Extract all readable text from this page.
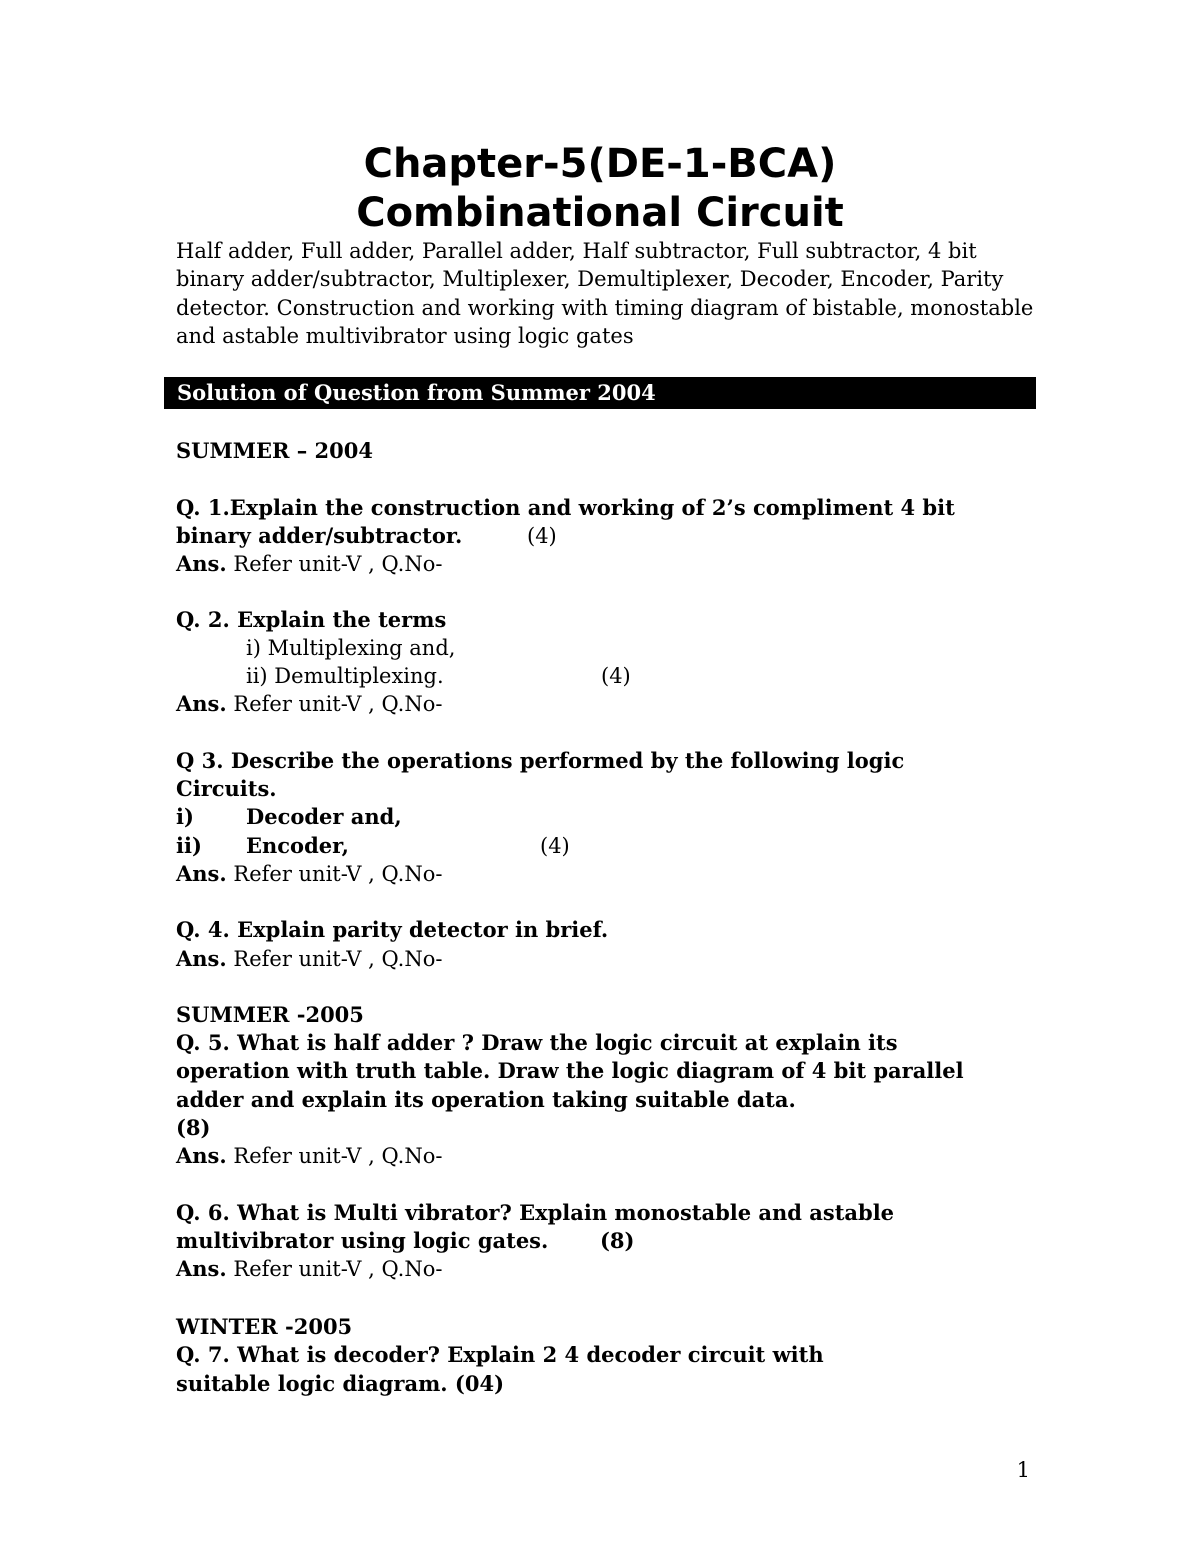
Chapter-5(DE-1-BCA)
Combinational Circuit

Half adder, Full adder, Parallel adder, Half subtractor, Full subtractor, 4 bit binary adder/subtractor, Multiplexer, Demultiplexer, Decoder, Encoder, Parity detector. Construction and working with timing diagram of bistable, monostable and astable multivibrator using logic gates

Solution of Question from Summer 2004
SUMMER – 2004
Q. 1.Explain the construction and working of 2’s compliment 4 bit
binary adder/subtractor.	(4)
Ans. Refer unit-V , Q.No-
Q. 2. Explain the terms
i) Multiplexing and,
ii) Demultiplexing.	(4)
Ans. Refer unit-V , Q.No-
Q 3. Describe the operations performed by the following logic
Circuits.
i) Decoder and,
ii) Encoder,	(4)
Ans. Refer unit-V , Q.No-
Q. 4. Explain parity detector in brief.
Ans. Refer unit-V , Q.No-
SUMMER -2005
Q. 5. What is half adder ? Draw the logic circuit at explain its
operation with truth table. Draw the logic diagram of 4 bit parallel
adder and explain its operation taking suitable data.
(8)
Ans. Refer unit-V , Q.No-
Q. 6. What is Multi vibrator? Explain monostable and astable
multivibrator using logic gates. (8)
Ans. Refer unit-V , Q.No-
WINTER -2005
Q. 7. What is decoder? Explain 2 4 decoder circuit with
suitable logic diagram. (04)
1
